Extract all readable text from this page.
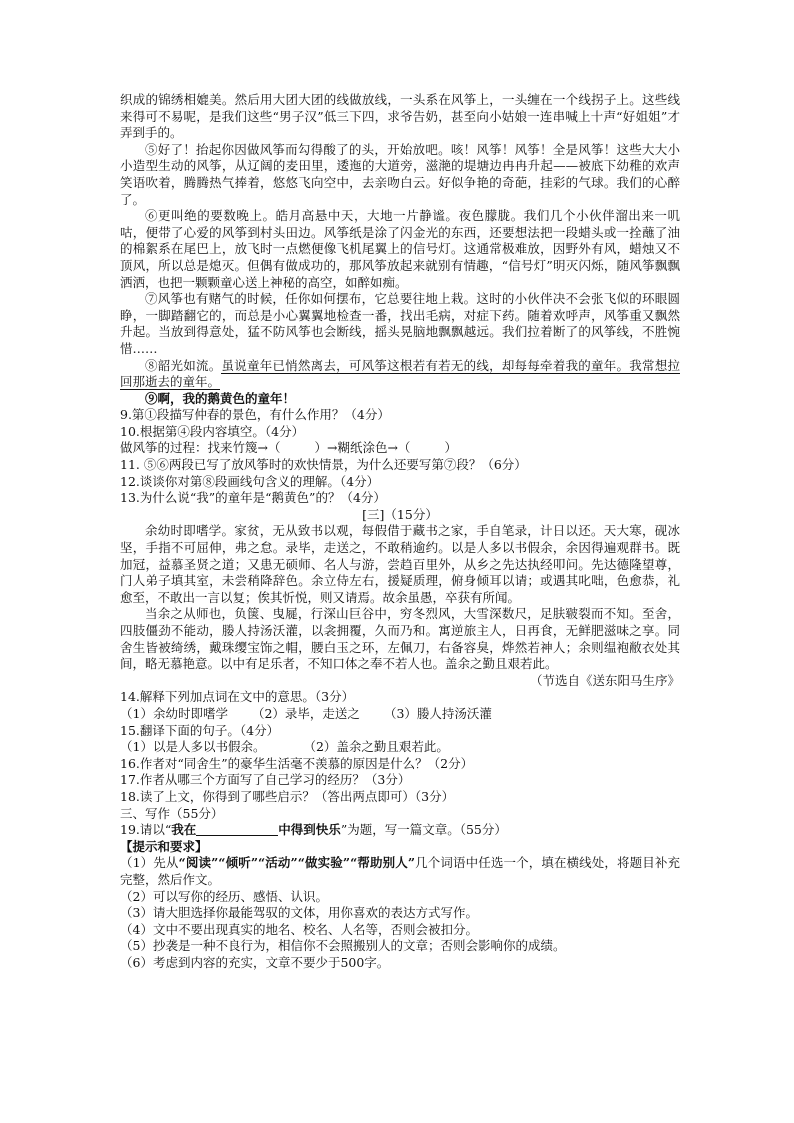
织成的锦绣相媲美。然后用大团大团的线做放线，一头系在风筝上，一头缠在一个线拐子上。这些线来得可不易呢，是我们这些“男子汉”低三下四，求爷告奶，甚至向小姑娘一连串喊上十声“好姐姐”才弄到手的。

⑤好了！抬起你因做风筝而勾得酸了的头，开始放吧。咳！风筝！风筝！全是风筝！这些大大小小造型生动的风筝，从辽阔的麦田里，逶迤的大道旁，滋滟的堤塘边冉冉升起——被底下幼稚的欢声笑语吹着，腾腾热气捧着，悠悠飞向空中，去亲吻白云。好似争艳的奇葩，挂彩的气球。我们的心醉了。

⑥更叫绝的要数晚上。皓月高悬中天，大地一片静谧。夜色朦胧。我们几个小伙伴溜出来一叽咕，便带了心爱的风筝到村头田边。风筝纸是涂了闪金光的东西，还要想法把一段蜡头或一拴蘸了油的棉絮系在尾巴上，放飞时一点燃便像飞机尾翼上的信号灯。这通常极难放，因野外有风，蜡烛又不顶风，所以总是熄灭。但偶有做成功的，那风筝放起来就别有情趣，“信号灯”明灭闪烁，随风筝飘飘洒洒，也把一颗颗童心送上神秘的高空，如醉如痴。

⑦风筝也有赌气的时候，任你如何摆布，它总要往地上栽。这时的小伙伴决不会张飞似的环眼圆睁，一脚踏翻它的，而总是小心翼翼地检查一番，找出毛病，对症下药。随着欢呼声，风筝重又飘然升起。当放到得意处，猛不防风筝也会断线，摇头晃脑地飘飘越远。我们拉着断了的风筝线，不胜惋惜……

⑧韶光如流。虽说童年已悄然离去，可风筝这根若有若无的线，却每每牵着我的童年。我常想拉回那逝去的童年。

⑨啊，我的鹅黄色的童年！

9.第①段描写仲春的景色，有什么作用？（4分）

10.根据第④段内容填空。（4分）

做风筝的过程：找来竹篾→（	）→糊纸涂色→（	）

11. ⑤⑥两段已写了放风筝时的欢快情景，为什么还要写第⑦段？（6分）

12.谈谈你对第⑧段画线句含义的理解。（4分）

13.为什么说“我”的童年是“鹅黄色”的？（4分）

[三]（15分）

余幼时即嗜学。家贫，无从致书以观，每假借于藏书之家，手自笔录，计日以还。天大寒，砚冰坚，手指不可屈伸，弗之怠。录毕，走送之，不敢稍逾约。以是人多以书假余，余因得遍观群书。既加冠，益慕圣贤之道；又患无硕师、名人与游，尝趋百里外，从乡之先达执经叩问。先达德隆望尊，门人弟子填其室，未尝稍降辞色。余立侍左右，援疑质理，俯身倾耳以请；或遇其叱咄，色愈恭，礼愈至，不敢出一言以复；俟其忻悦，则又请焉。故余虽愚，卒获有所闻。

当余之从师也，负箧、曳屣，行深山巨谷中，穷冬烈风，大雪深数尺，足肤皲裂而不知。至舍，四肢僵劲不能动，媵人持汤沃灌，以衾拥覆，久而乃和。寓逆旅主人，日再食，无鲜肥滋味之享。同舍生皆被绮绣，戴珠缨宝饰之帽，腰白玉之环，左佩刀，右备容臭，烨然若神人；余则缊袍敝衣处其间，略无慕艳意。以中有足乐者，不知口体之奉不若人也。盖余之勤且艰若此。

（节选自《送东阳马生序》

14.解释下列加点词在文中的意思。（3分）

（1）余幼时即嗜学 （2）录毕，走送之 （3）媵人持汤沃灌

15.翻译下面的句子。（4分）

（1）以是人多以书假余。	（2）盖余之勤且艰若此。

16.作者对“同舍生”的豪华生活毫不羡慕的原因是什么？（2分）

17.作者从哪三个方面写了自己学习的经历？（3分）

18.读了上文，你得到了哪些启示？（答出两点即可）（3分）

三、写作（55分）

19.请以“我在	中得到快乐”为题，写一篇文章。（55分）

【提示和要求】

（1）先从“阅读”“倾听”“活动”“做实验”“帮助别人”几个词语中任选一个，填在横线处，将题目补充完整，然后作文。

（2）可以写你的经历、感悟、认识。

（3）请大胆选择你最能驾驭的文体，用你喜欢的表达方式写作。

（4）文中不要出现真实的地名、校名、人名等，否则会被扣分。

（5）抄袭是一种不良行为，相信你不会照搬别人的文章；否则会影响你的成绩。

（6）考虑到内容的充实，文章不要少于500字。
